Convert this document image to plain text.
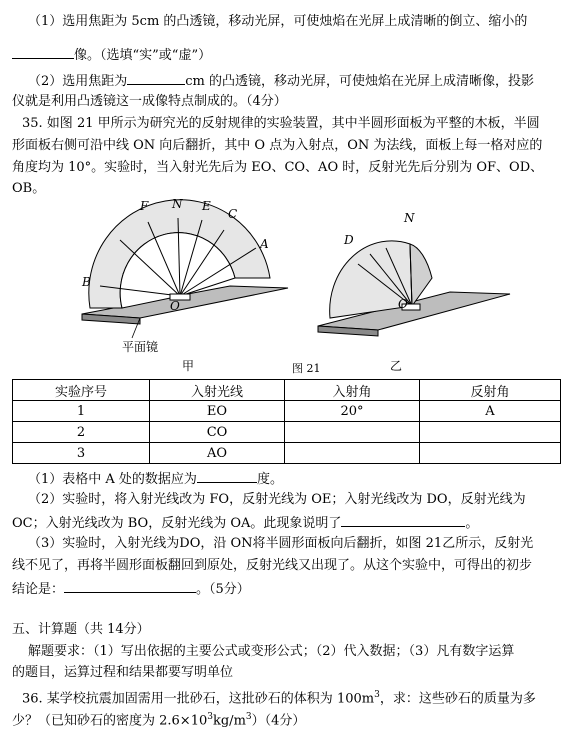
（1）选用焦距为 5cm 的凸透镜，移动光屏，可使烛焰在光屏上成清晰的倒立、缩小的
像。（选填“实”或“虚”）
（2）选用焦距为	cm 的凸透镜，移动光屏，可使烛焰在光屏上成清晰像，投影
仪就是利用凸透镜这一成像特点制成的。（4分）
35. 如图 21 甲所示为研究光的反射规律的实验装置，其中半圆形面板为平整的木板，半圆
形面板右侧可沿中线 ON 向后翻折，其中 O 点为入射点，ON 为法线，面板上每一格对应的
角度均为 10°。实验时，当入射光先后为 EO、CO、AO 时，反射光先后分别为 OF、OD、
OB。
F N E
C
A
B
O
平面镜
甲	图 21
D
N
O
乙
实验序号	入射光线	入射角	反射角
1	EO	20°	A
2	CO		
3	AO		
（1）表格中 A 处的数据应为	度。
（2）实验时，将入射光线改为 FO，反射光线为 OE；入射光线改为 DO，反射光线为
OC；入射光线改为 BO，反射光线为 OA。此现象说明了	。
（3）实验时，入射光线为DO，沿 ON将半圆形面板向后翻折，如图 21乙所示，反射光
线不见了，再将半圆形面板翻回到原处，反射光线又出现了。从这个实验中，可得出的初步
结论是：	。（5分）
五、计算题（共 14分）
解题要求：（1）写出依据的主要公式或变形公式；（2）代入数据；（3）凡有数字运算
的题目，运算过程和结果都要写明单位
36. 某学校抗震加固需用一批砂石，这批砂石的体积为 $100m^3$，求：这些砂石的质量为多
少？（已知砂石的密度为 $2.6\times 10^3kg/m^3)(4$分）
